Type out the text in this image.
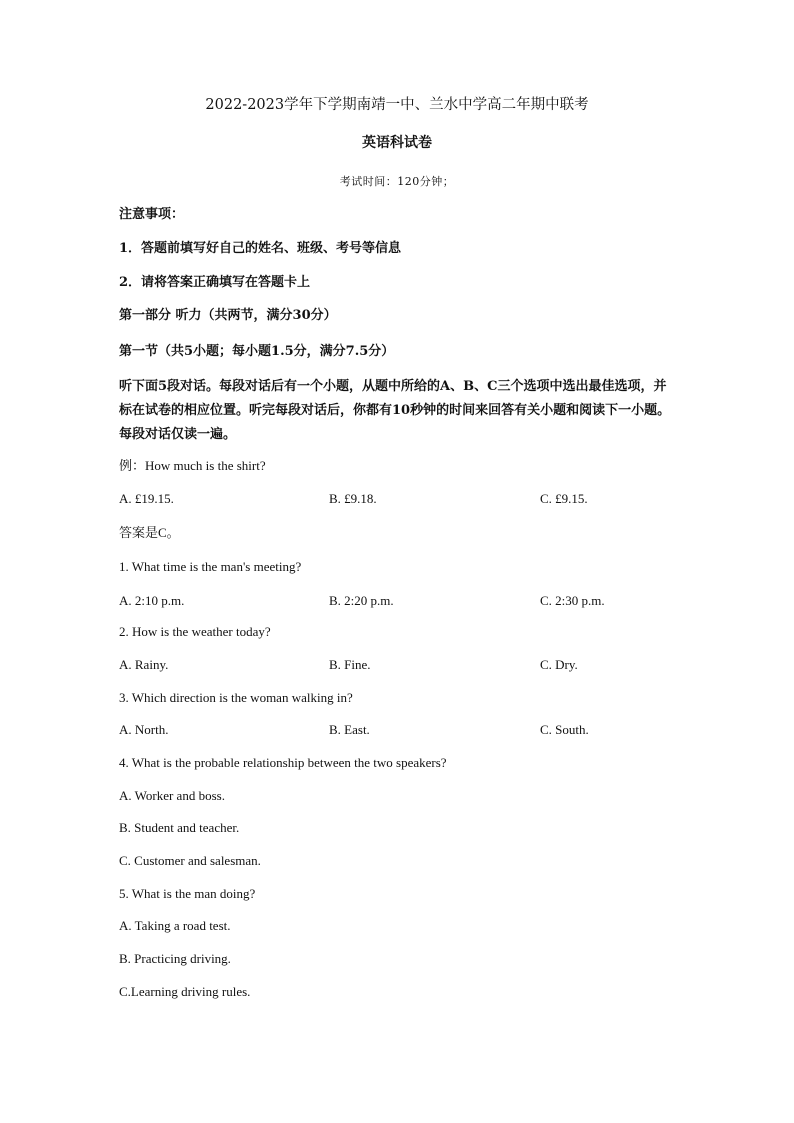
2022-2023学年下学期南靖一中、兰水中学高二年期中联考
英语科试卷
考试时间：120分钟；
注意事项：
1．答题前填写好自己的姓名、班级、考号等信息
2．请将答案正确填写在答题卡上
第一部分 听力（共两节，满分30分）
第一节（共5小题；每小题1.5分，满分7.5分）
听下面5段对话。每段对话后有一个小题，从题中所给的A、B、C三个选项中选出最佳选项，并标在试卷的相应位置。听完每段对话后，你都有10秒钟的时间来回答有关小题和阅读下一小题。每段对话仅读一遍。
例：How much is the shirt?
A. £19.15.	B. £9.18.	C. £9.15.
答案是C。
1. What time is the man's meeting?
A. 2:10 p.m.	B. 2:20 p.m.	C. 2:30 p.m.
2. How is the weather today?
A. Rainy.	B. Fine.	C. Dry.
3. Which direction is the woman walking in?
A. North.	B. East.	C. South.
4. What is the probable relationship between the two speakers?
A. Worker and boss.
B. Student and teacher.
C. Customer and salesman.
5. What is the man doing?
A. Taking a road test.
B. Practicing driving.
C.Learning driving rules.
